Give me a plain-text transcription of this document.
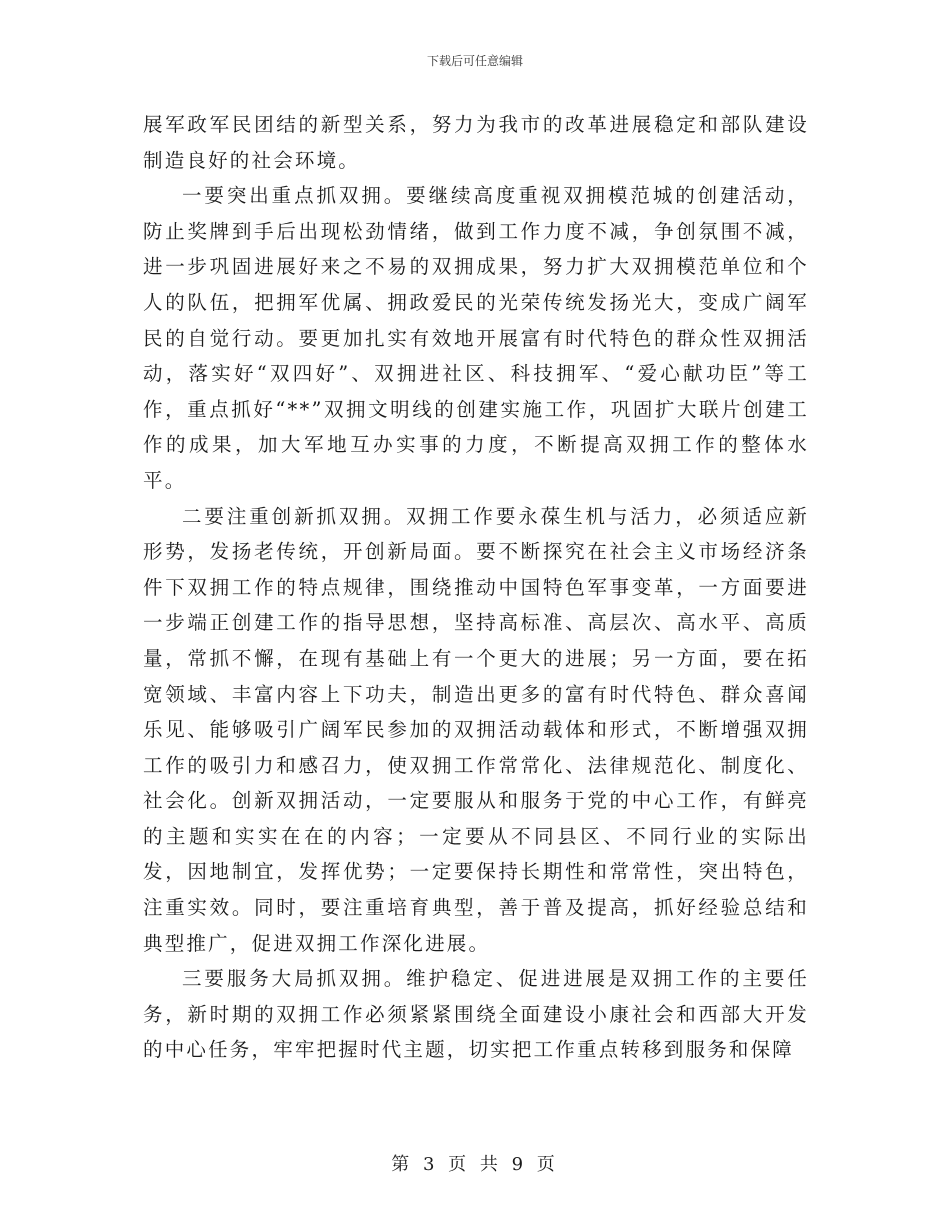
下载后可任意编辑

展军政军民团结的新型关系，努力为我市的改革进展稳定和部队建设制造良好的社会环境。

一要突出重点抓双拥。要继续高度重视双拥模范城的创建活动，防止奖牌到手后出现松劲情绪，做到工作力度不减，争创氛围不减，进一步巩固进展好来之不易的双拥成果，努力扩大双拥模范单位和个人的队伍，把拥军优属、拥政爱民的光荣传统发扬光大，变成广阔军民的自觉行动。要更加扎实有效地开展富有时代特色的群众性双拥活动，落实好“双四好”、双拥进社区、科技拥军、“爱心献功臣”等工作，重点抓好“**”双拥文明线的创建实施工作，巩固扩大联片创建工作的成果，加大军地互办实事的力度，不断提高双拥工作的整体水平。

二要注重创新抓双拥。双拥工作要永葆生机与活力，必须适应新形势，发扬老传统，开创新局面。要不断探究在社会主义市场经济条件下双拥工作的特点规律，围绕推动中国特色军事变革，一方面要进一步端正创建工作的指导思想，坚持高标准、高层次、高水平、高质量，常抓不懈，在现有基础上有一个更大的进展；另一方面，要在拓宽领域、丰富内容上下功夫，制造出更多的富有时代特色、群众喜闻乐见、能够吸引广阔军民参加的双拥活动载体和形式，不断增强双拥工作的吸引力和感召力，使双拥工作常常化、法律规范化、制度化、社会化。创新双拥活动，一定要服从和服务于党的中心工作，有鲜亮的主题和实实在在的内容；一定要从不同县区、不同行业的实际出发，因地制宜，发挥优势；一定要保持长期性和常常性，突出特色，注重实效。同时，要注重培育典型，善于普及提高，抓好经验总结和典型推广，促进双拥工作深化进展。

三要服务大局抓双拥。维护稳定、促进进展是双拥工作的主要任务，新时期的双拥工作必须紧紧围绕全面建设小康社会和西部大开发的中心任务，牢牢把握时代主题，切实把工作重点转移到服务和保障

第 3 页 共 9 页
